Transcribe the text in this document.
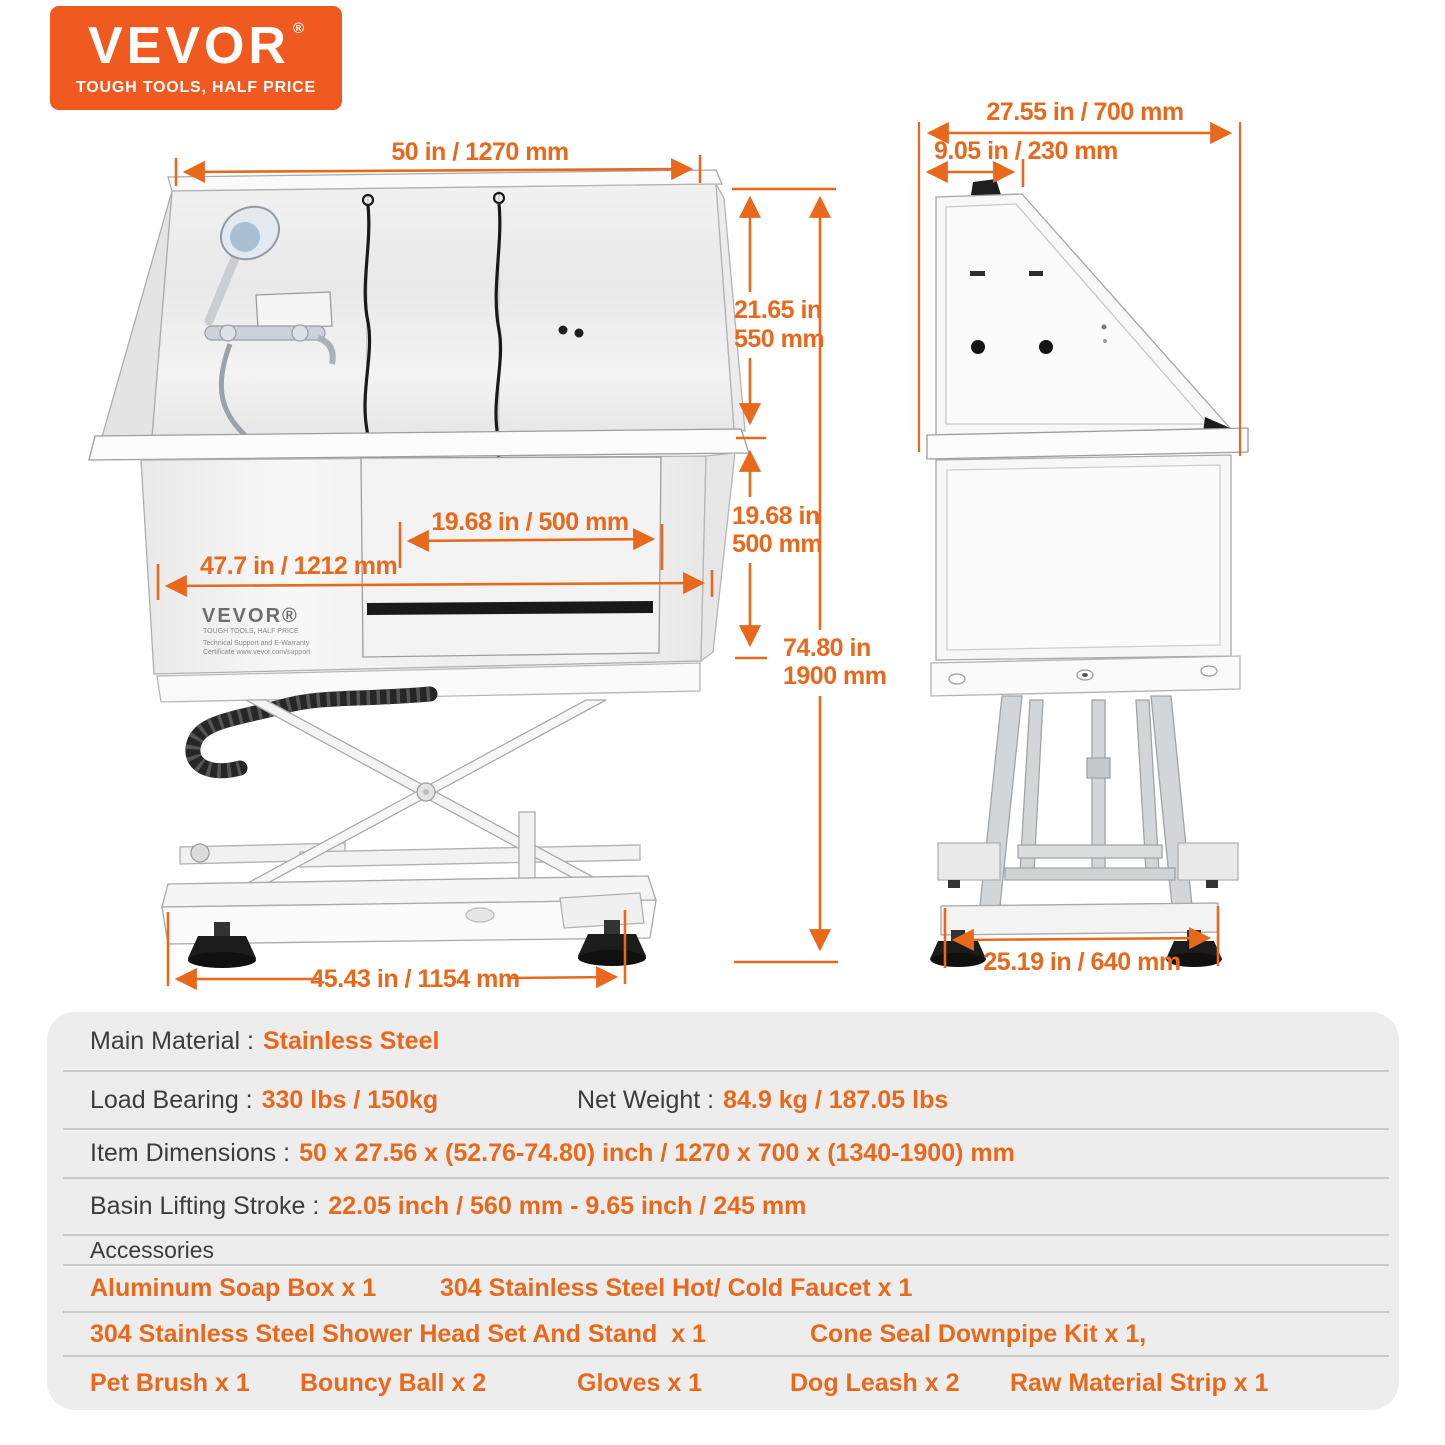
VEVOR ®
TOUGH TOOLS, HALF PRICE
VEVOR®
TOUGH TOOLS, HALF PRICE
Technical Support and E-Warranty
Certificate www.vevor.com/support
50 in / 1270 mm
21.65 in
550 mm
19.68 in
500 mm
74.80 in
1900 mm
19.68 in / 500 mm
47.7 in / 1212 mm
45.43 in / 1154 mm
27.55 in / 700 mm
9.05 in / 230 mm
25.19 in / 640 mm
Main Material : Stainless Steel
Load Bearing : 330 lbs / 150kg	Net Weight : 84.9 kg / 187.05 lbs
Item Dimensions : 50 x 27.56 x (52.76-74.80) inch / 1270 x 700 x (1340-1900) mm
Basin Lifting Stroke : 22.05 inch / 560 mm - 9.65 inch / 245 mm
Accessories
Aluminum Soap Box x 1	304 Stainless Steel Hot/ Cold Faucet x 1
304 Stainless Steel Shower Head Set And Stand  x 1	Cone Seal Downpipe Kit x 1,
Pet Brush x 1	Bouncy Ball x 2	Gloves x 1	Dog Leash x 2	Raw Material Strip x 1
